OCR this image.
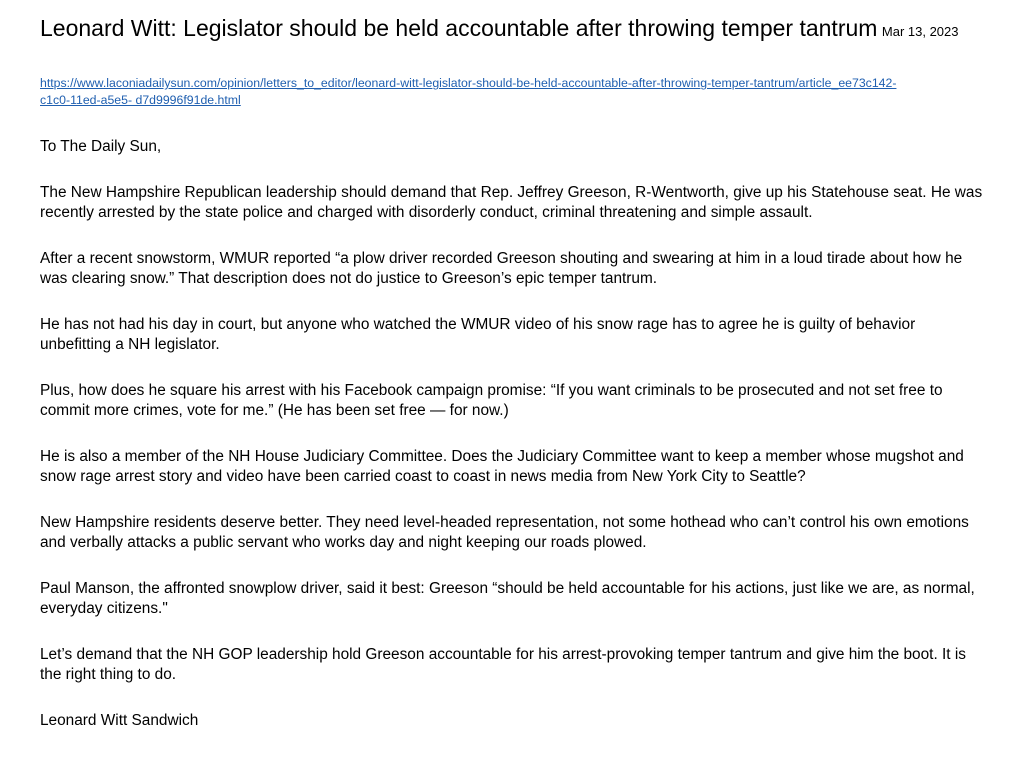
Leonard Witt: Legislator should be held accountable after throwing temper tantrum Mar 13, 2023

https://www.laconiadailysun.com/opinion/letters_to_editor/leonard-witt-legislator-should-be-held-accountable-after-throwing-temper-tantrum/article_ee73c142-c1c0-11ed-a5e5- d7d9996f91de.html

To The Daily Sun,

The New Hampshire Republican leadership should demand that Rep. Jeffrey Greeson, R-Wentworth, give up his Statehouse seat. He was recently arrested by the state police and charged with disorderly conduct, criminal threatening and simple assault.

After a recent snowstorm, WMUR reported “a plow driver recorded Greeson shouting and swearing at him in a loud tirade about how he was clearing snow.” That description does not do justice to Greeson’s epic temper tantrum.

He has not had his day in court, but anyone who watched the WMUR video of his snow rage has to agree he is guilty of behavior unbefitting a NH legislator.

Plus, how does he square his arrest with his Facebook campaign promise: “If you want criminals to be prosecuted and not set free to commit more crimes, vote for me.” (He has been set free — for now.)

He is also a member of the NH House Judiciary Committee. Does the Judiciary Committee want to keep a member whose mugshot and snow rage arrest story and video have been carried coast to coast in news media from New York City to Seattle?

New Hampshire residents deserve better. They need level-headed representation, not some hothead who can’t control his own emotions and verbally attacks a public servant who works day and night keeping our roads plowed.

Paul Manson, the affronted snowplow driver, said it best: Greeson “should be held accountable for his actions, just like we are, as normal, everyday citizens."

Let’s demand that the NH GOP leadership hold Greeson accountable for his arrest-provoking temper tantrum and give him the boot. It is the right thing to do.

Leonard Witt Sandwich
